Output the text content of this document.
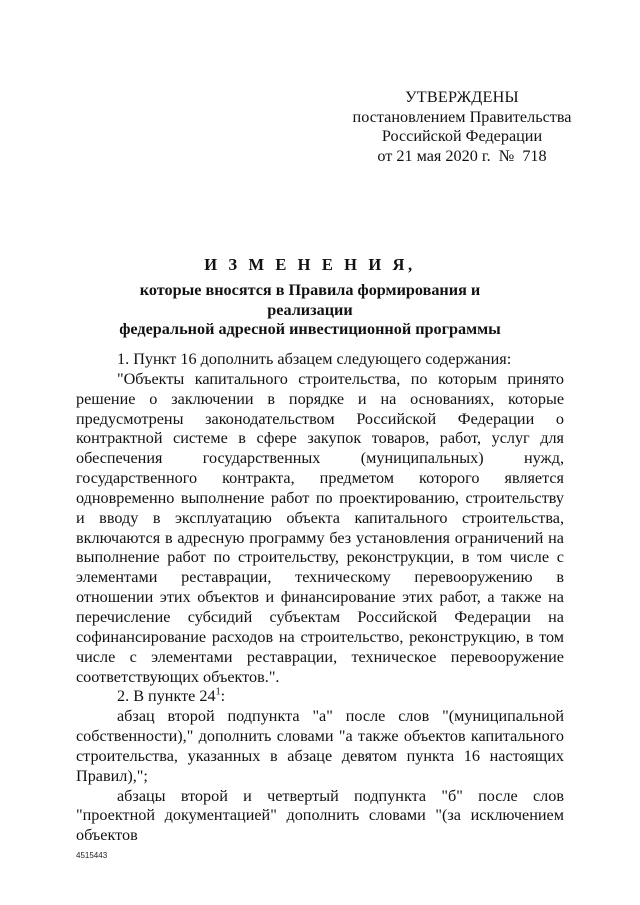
УТВЕРЖДЕНЫ
постановлением Правительства
Российской Федерации
от 21 мая 2020 г.  №  718
И З М Е Н Е Н И Я,
которые вносятся в Правила формирования и реализации
федеральной адресной инвестиционной программы

1. Пункт 16 дополнить абзацем следующего содержания:

"Объекты капитального строительства, по которым принято решение о заключении в порядке и на основаниях, которые предусмотрены законодательством Российской Федерации о контрактной системе в сфере закупок товаров, работ, услуг для обеспечения государственных (муниципальных) нужд, государственного контракта, предметом которого является одновременно выполнение работ по проектированию, строительству и вводу в эксплуатацию объекта капитального строительства, включаются в адресную программу без установления ограничений на выполнение работ по строительству, реконструкции, в том числе с элементами реставрации, техническому перевооружению в отношении этих объектов и финансирование этих работ, а также на перечисление субсидий субъектам Российской Федерации на софинансирование расходов на строительство, реконструкцию, в том числе с элементами реставрации, техническое перевооружение соответствующих объектов.".

2. В пункте $24^1$:

абзац второй подпункта "а" после слов "(муниципальной собственности)," дополнить словами "а также объектов капитального строительства, указанных в абзаце девятом пункта 16 настоящих Правил),";

абзацы второй и четвертый подпункта "б" после слов "проектной документацией" дополнить словами "(за исключением объектов

4515443
